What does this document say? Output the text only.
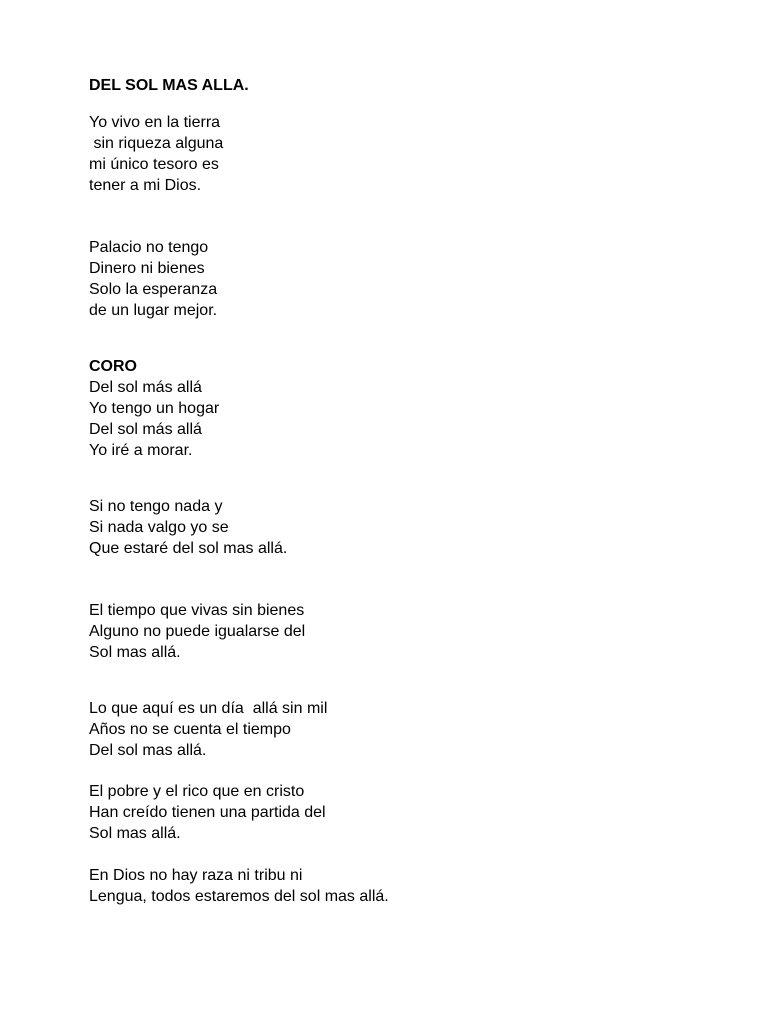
DEL SOL MAS ALLA.

Yo vivo en la tierra

sin riqueza alguna

mi único tesoro es

tener a mi Dios.

Palacio no tengo

Dinero ni bienes

Solo la esperanza

de un lugar mejor.

CORO

Del sol más allá

Yo tengo un hogar

Del sol más allá

Yo iré a morar.

Si no tengo nada y

Si nada valgo yo se

Que estaré del sol mas allá.

El tiempo que vivas sin bienes

Alguno no puede igualarse del

Sol mas allá.

Lo que aquí es un día  allá sin mil

Años no se cuenta el tiempo

Del sol mas allá.

El pobre y el rico que en cristo

Han creído tienen una partida del

Sol mas allá.

En Dios no hay raza ni tribu ni

Lengua, todos estaremos del sol mas allá.
